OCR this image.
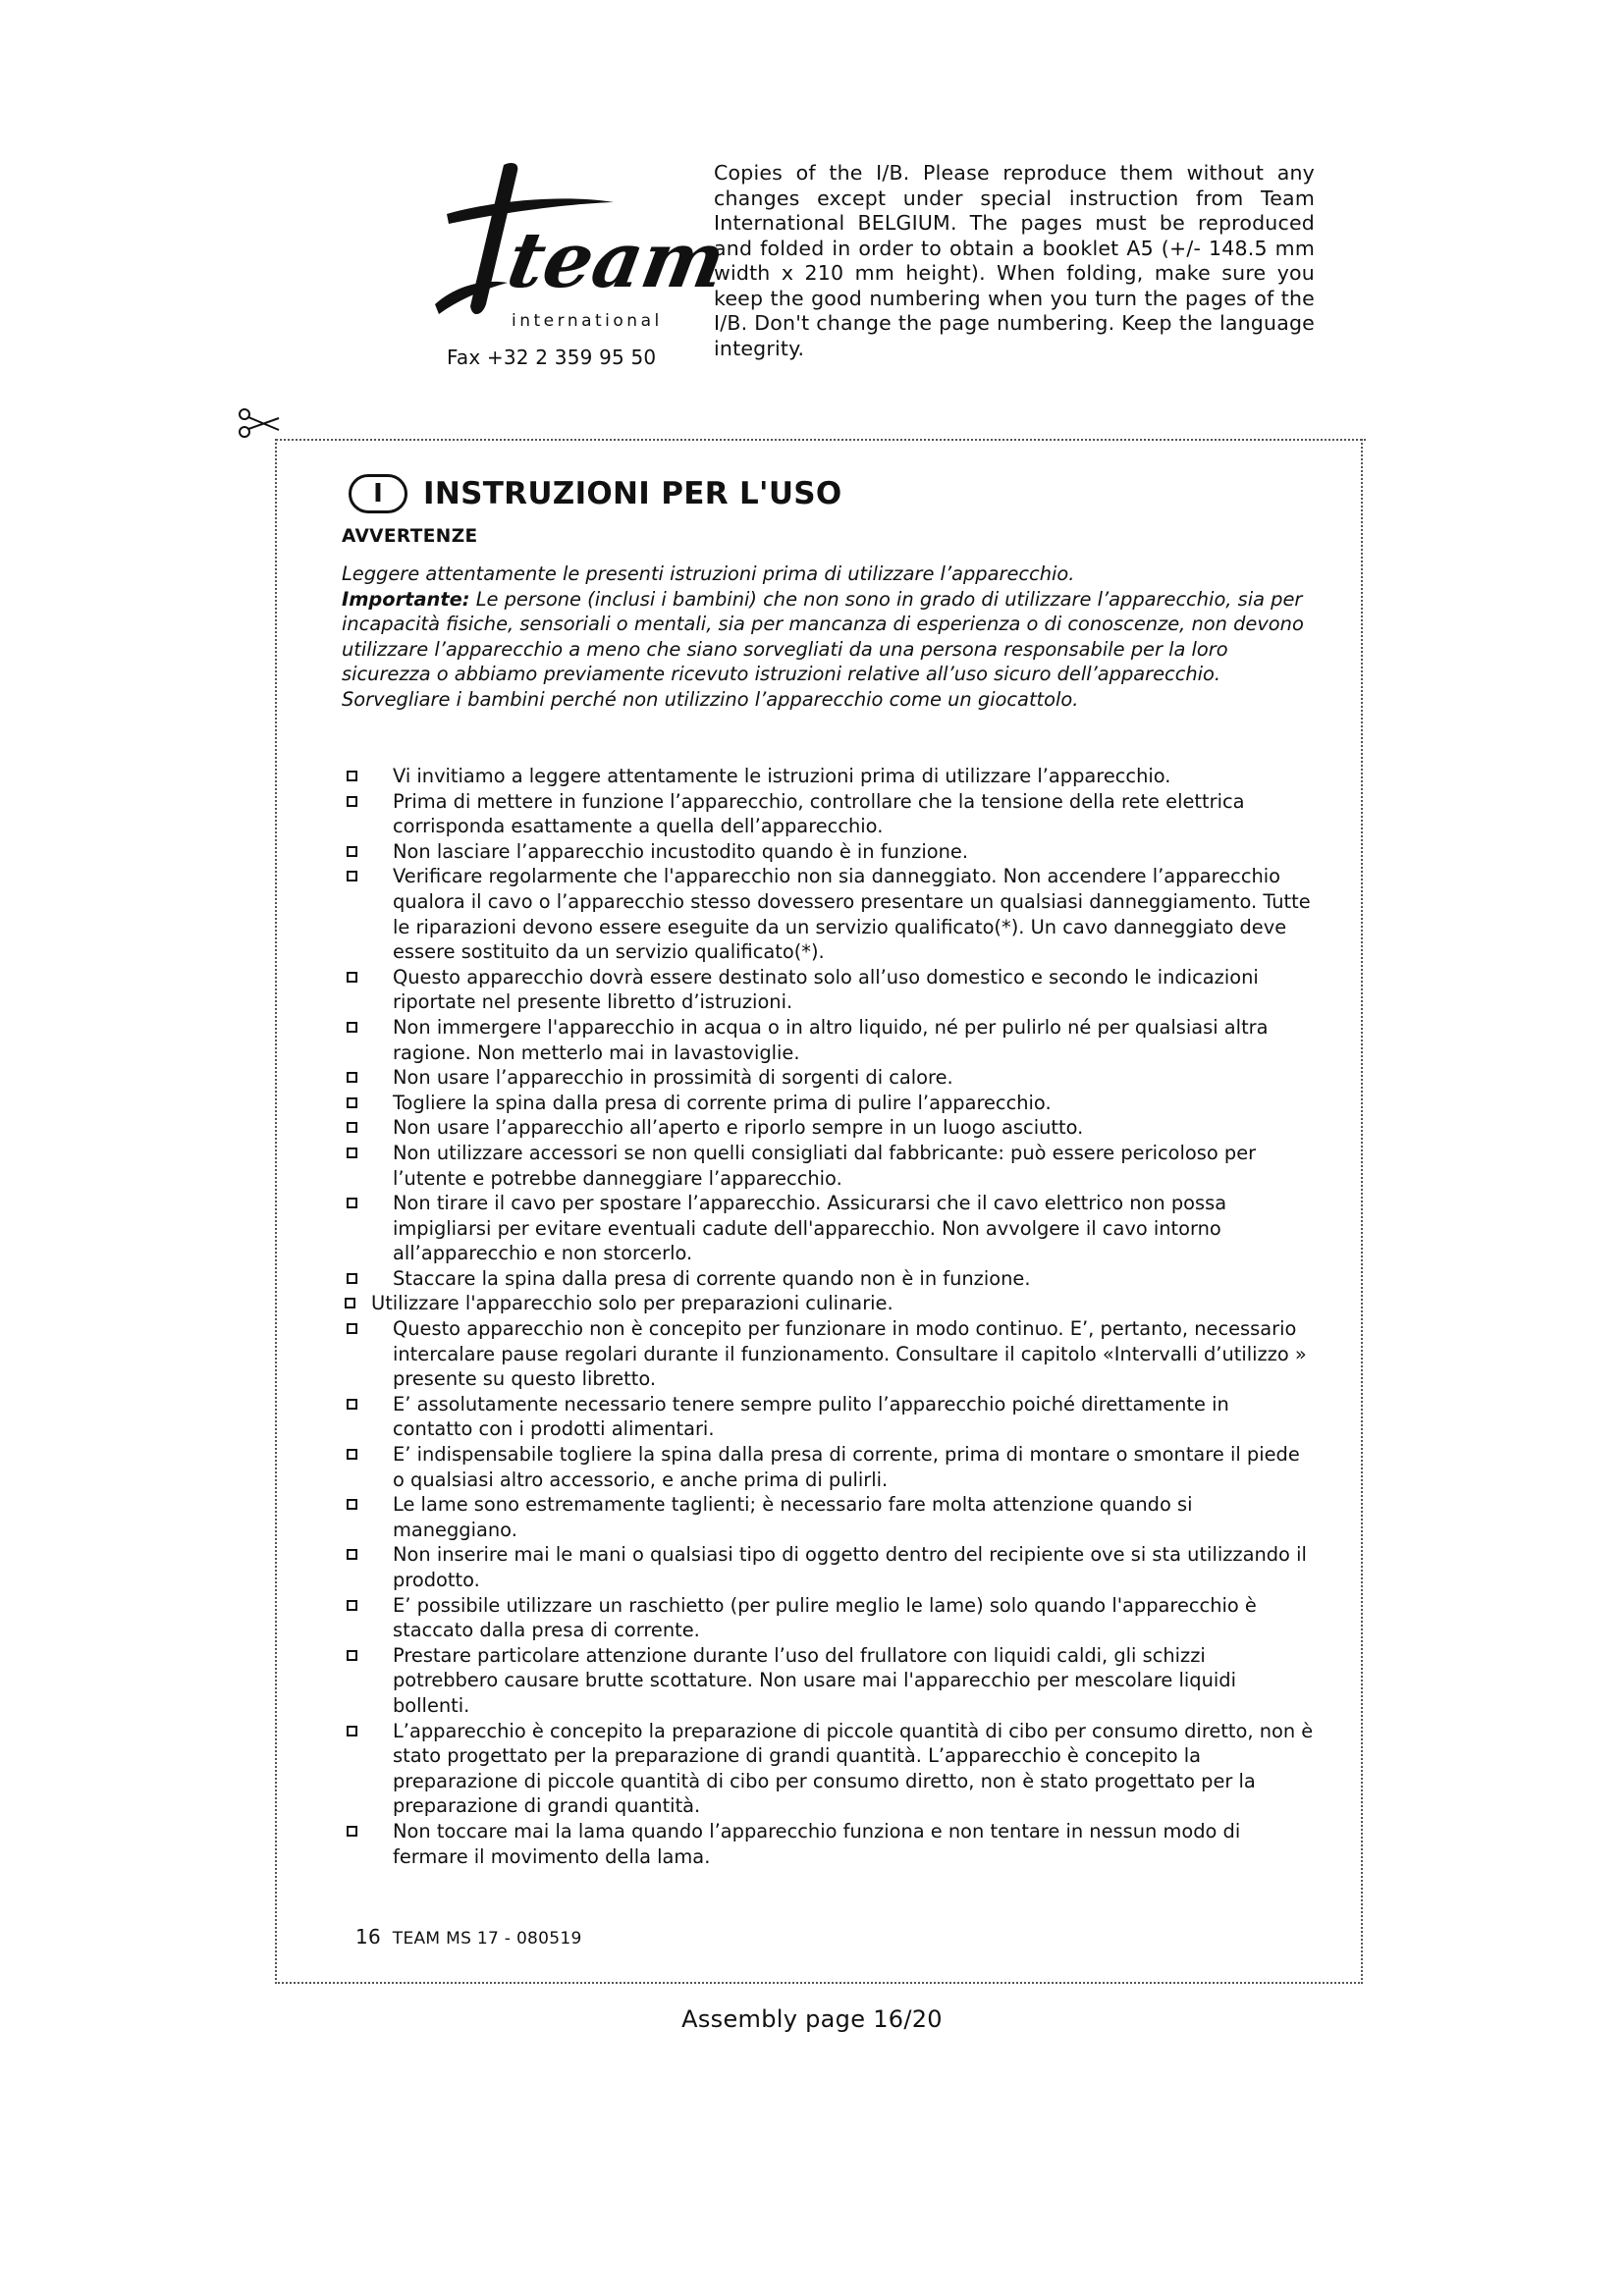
team
international
Fax +32 2 359 95 50
Copies of the I/B. Please reproduce them without any changes except under special instruction from Team International BELGIUM. The pages must be reproduced and folded in order to obtain a booklet A5 (+/- 148.5 mm width x 210 mm height). When folding, make sure you keep the good numbering when you turn the pages of the I/B. Don't change the page numbering. Keep the language integrity.
I	INSTRUZIONI PER L'USO
AVVERTENZE

Leggere attentamente le presenti istruzioni prima di utilizzare l’apparecchio.

Importante: Le persone (inclusi i bambini) che non sono in grado di utilizzare l’apparecchio, sia per incapacità fisiche, sensoriali o mentali, sia per mancanza di esperienza o di conoscenze, non devono utilizzare l’apparecchio a meno che siano sorvegliati da una persona responsabile per la loro sicurezza o abbiamo previamente ricevuto istruzioni relative all’uso sicuro dell’apparecchio.

Sorvegliare i bambini perché non utilizzino l’apparecchio come un giocattolo.

Vi invitiamo a leggere attentamente le istruzioni prima di utilizzare l’apparecchio.
Prima di mettere in funzione l’apparecchio, controllare che la tensione della rete elettrica corrisponda esattamente a quella dell’apparecchio.
Non lasciare l’apparecchio incustodito quando è in funzione.
Verificare regolarmente che l'apparecchio non sia danneggiato. Non accendere l’apparecchio qualora il cavo o l’apparecchio stesso dovessero presentare un qualsiasi danneggiamento. Tutte le riparazioni devono essere eseguite da un servizio qualificato(*). Un cavo danneggiato deve essere sostituito da un servizio qualificato(*).
Questo apparecchio dovrà essere destinato solo all’uso domestico e secondo le indicazioni riportate nel presente libretto d’istruzioni.
Non immergere l'apparecchio in acqua o in altro liquido, né per pulirlo né per qualsiasi altra ragione. Non metterlo mai in lavastoviglie.
Non usare l’apparecchio in prossimità di sorgenti di calore.
Togliere la spina dalla presa di corrente prima di pulire l’apparecchio.
Non usare l’apparecchio all’aperto e riporlo sempre in un luogo asciutto.
Non utilizzare accessori se non quelli consigliati dal fabbricante: può essere pericoloso per l’utente e potrebbe danneggiare l’apparecchio.
Non tirare il cavo per spostare l’apparecchio. Assicurarsi che il cavo elettrico non possa impigliarsi per evitare eventuali cadute dell'apparecchio. Non avvolgere il cavo intorno all’apparecchio e non storcerlo.
Staccare la spina dalla presa di corrente quando non è in funzione.
Utilizzare l'apparecchio solo per preparazioni culinarie.
Questo apparecchio non è concepito per funzionare in modo continuo. E’, pertanto, necessario intercalare pause regolari durante il funzionamento. Consultare il capitolo «Intervalli d’utilizzo » presente su questo libretto.
E’ assolutamente necessario tenere sempre pulito l’apparecchio poiché direttamente in contatto con i prodotti alimentari.
E’ indispensabile togliere la spina dalla presa di corrente, prima di montare o smontare il piede o qualsiasi altro accessorio, e anche prima di pulirli.
Le lame sono estremamente taglienti; è necessario fare molta attenzione quando si maneggiano.
Non inserire mai le mani o qualsiasi tipo di oggetto dentro del recipiente ove si sta utilizzando il prodotto.
E’ possibile utilizzare un raschietto (per pulire meglio le lame) solo quando l'apparecchio è staccato dalla presa di corrente.
Prestare particolare attenzione durante l’uso del frullatore con liquidi caldi, gli schizzi potrebbero causare brutte scottature. Non usare mai l'apparecchio per mescolare liquidi bollenti.
L’apparecchio è concepito la preparazione di piccole quantità di cibo per consumo diretto, non è stato progettato per la preparazione di grandi quantità. L’apparecchio è concepito la preparazione di piccole quantità di cibo per consumo diretto, non è stato progettato per la preparazione di grandi quantità.
Non toccare mai la lama quando l’apparecchio funziona e non tentare in nessun modo di fermare il movimento della lama.
16 TEAM MS 17 - 080519
Assembly page 16/20
